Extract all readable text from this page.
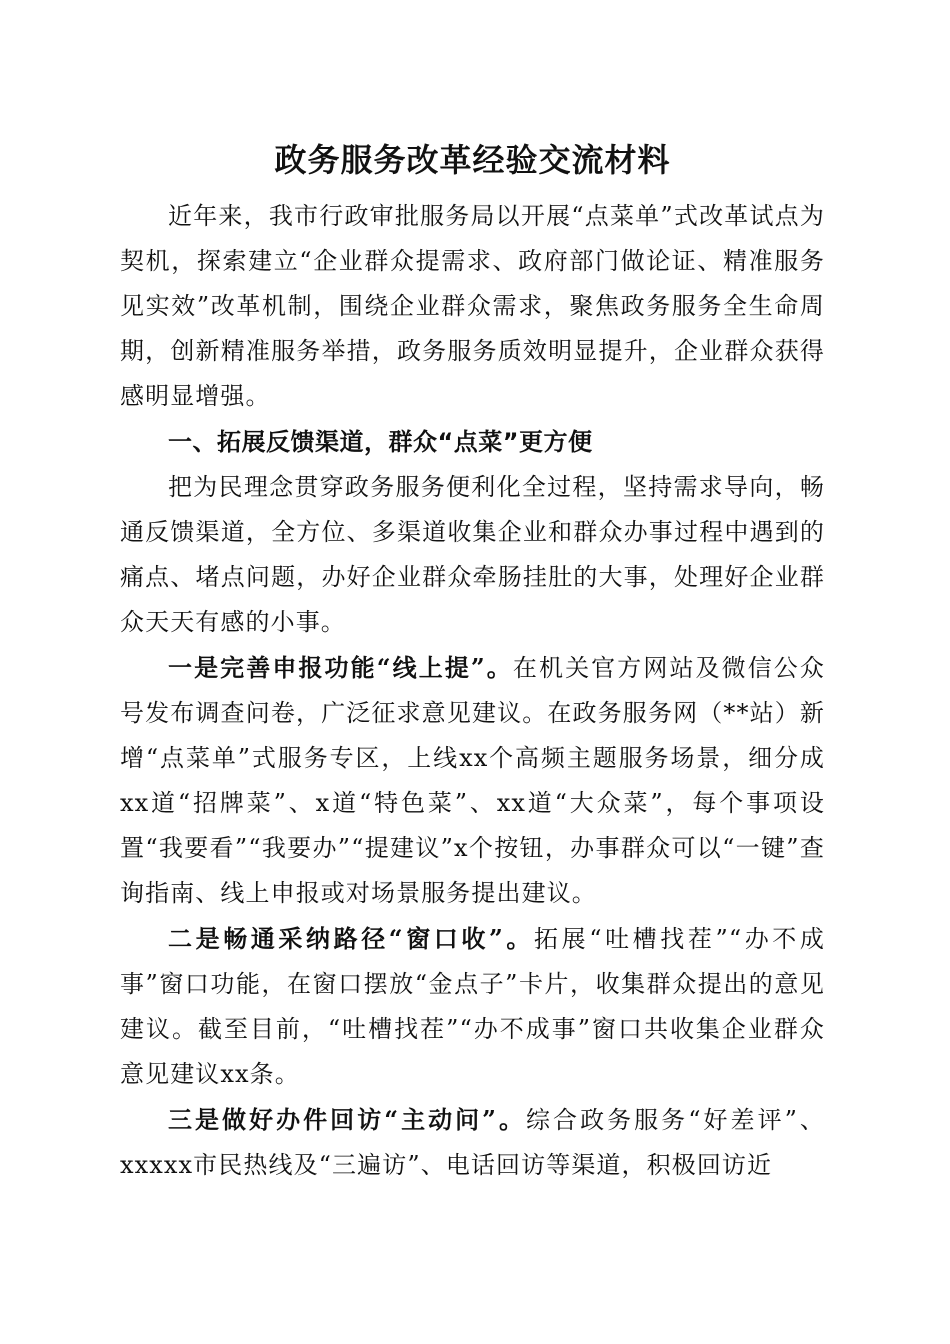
政务服务改革经验交流材料

近年来，我市行政审批服务局以开展“点菜单”式改革试点为契机，探索建立“企业群众提需求、政府部门做论证、精准服务见实效”改革机制，围绕企业群众需求，聚焦政务服务全生命周期，创新精准服务举措，政务服务质效明显提升，企业群众获得感明显增强。

一、拓展反馈渠道，群众“点菜”更方便

把为民理念贯穿政务服务便利化全过程，坚持需求导向，畅通反馈渠道，全方位、多渠道收集企业和群众办事过程中遇到的痛点、堵点问题，办好企业群众牵肠挂肚的大事，处理好企业群众天天有感的小事。

一是完善申报功能“线上提”。在机关官方网站及微信公众号发布调查问卷，广泛征求意见建议。在政务服务网（**站）新增“点菜单”式服务专区，上线xx个高频主题服务场景，细分成xx道“招牌菜”、x道“特色菜”、xx道“大众菜”，每个事项设置“我要看”“我要办”“提建议”x个按钮，办事群众可以“一键”查询指南、线上申报或对场景服务提出建议。

二是畅通采纳路径“窗口收”。拓展“吐槽找茬”“办不成事”窗口功能，在窗口摆放“金点子”卡片，收集群众提出的意见建议。截至目前，“吐槽找茬”“办不成事”窗口共收集企业群众意见建议xx条。

三是做好办件回访“主动问”。综合政务服务“好差评”、xxxxx市民热线及“三遍访”、电话回访等渠道，积极回访近
